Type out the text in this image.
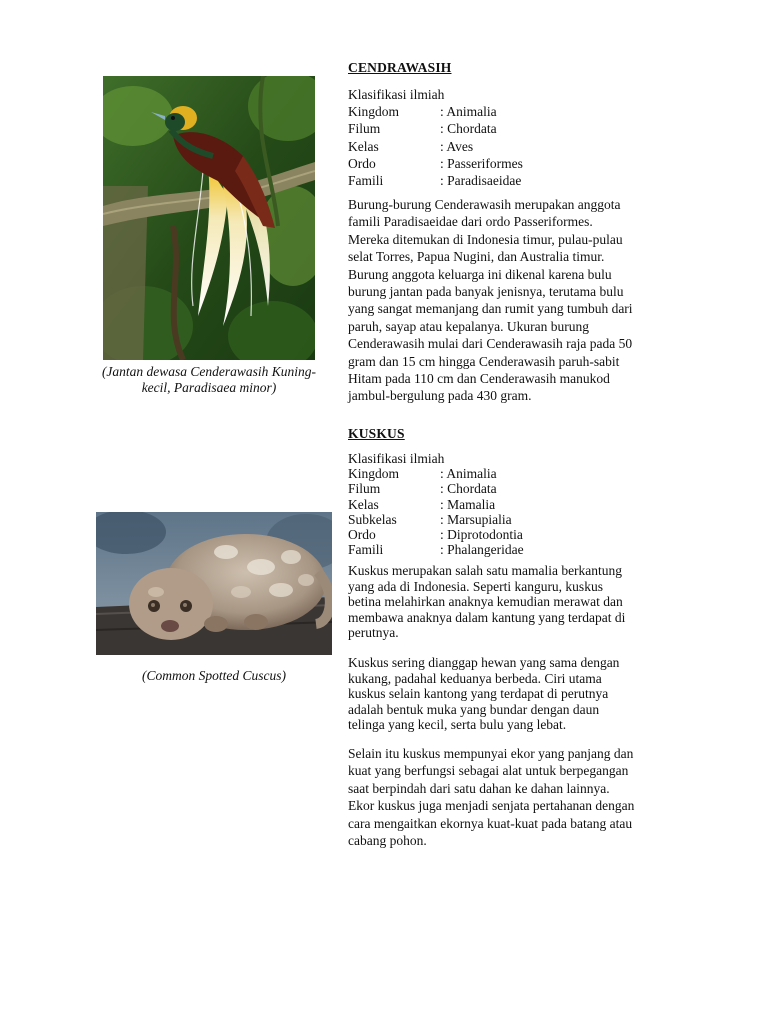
(Jantan dewasa Cenderawasih Kuning-
kecil, Paradisaea minor)
CENDRAWASIH
Klasifikasi ilmiah
Kingdom	: Animalia
Filum	: Chordata
Kelas	: Aves
Ordo	: Passeriformes
Famili	: Paradisaeidae
Burung-burung Cenderawasih merupakan anggota
famili Paradisaeidae dari ordo Passeriformes.
Mereka ditemukan di Indonesia timur, pulau-pulau
selat Torres, Papua Nugini, dan Australia timur.
Burung anggota keluarga ini dikenal karena bulu
burung jantan pada banyak jenisnya, terutama bulu
yang sangat memanjang dan rumit yang tumbuh dari
paruh, sayap atau kepalanya. Ukuran burung
Cenderawasih mulai dari Cenderawasih raja pada 50
gram dan 15 cm hingga Cenderawasih paruh-sabit
Hitam pada 110 cm dan Cenderawasih manukod
jambul-bergulung pada 430 gram.
KUSKUS
Klasifikasi ilmiah
Kingdom	: Animalia
Filum	: Chordata
Kelas	: Mamalia
Subkelas	: Marsupialia
Ordo	: Diprotodontia
Famili	: Phalangeridae
(Common Spotted Cuscus)
Kuskus merupakan salah satu mamalia berkantung
yang ada di Indonesia. Seperti kanguru, kuskus
betina melahirkan anaknya kemudian merawat dan
membawa anaknya dalam kantung yang terdapat di
perutnya.
Kuskus sering dianggap hewan yang sama dengan
kukang, padahal keduanya berbeda. Ciri utama
kuskus selain kantong yang terdapat di perutnya
adalah bentuk muka yang bundar dengan daun
telinga yang kecil, serta bulu yang lebat.
Selain itu kuskus mempunyai ekor yang panjang dan
kuat yang berfungsi sebagai alat untuk berpegangan
saat berpindah dari satu dahan ke dahan lainnya.
Ekor kuskus juga menjadi senjata pertahanan dengan
cara mengaitkan ekornya kuat-kuat pada batang atau
cabang pohon.
